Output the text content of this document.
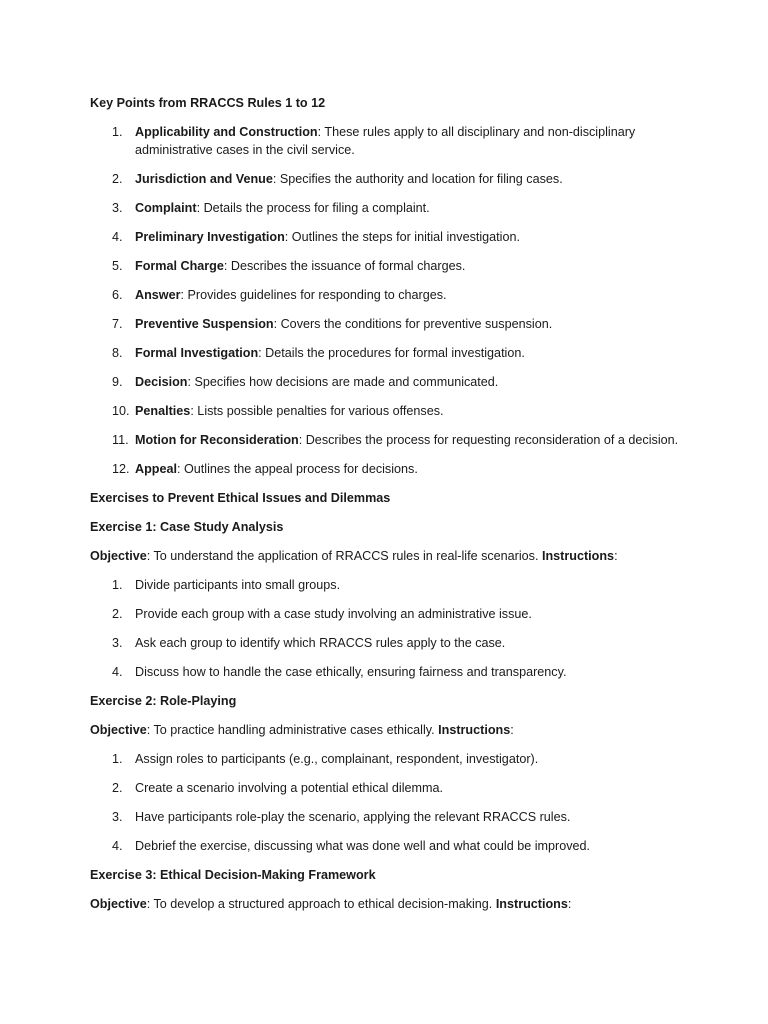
Key Points from RRACCS Rules 1 to 12

1. Applicability and Construction: These rules apply to all disciplinary and non-disciplinary administrative cases in the civil service.
2. Jurisdiction and Venue: Specifies the authority and location for filing cases.
3. Complaint: Details the process for filing a complaint.
4. Preliminary Investigation: Outlines the steps for initial investigation.
5. Formal Charge: Describes the issuance of formal charges.
6. Answer: Provides guidelines for responding to charges.
7. Preventive Suspension: Covers the conditions for preventive suspension.
8. Formal Investigation: Details the procedures for formal investigation.
9. Decision: Specifies how decisions are made and communicated.
10. Penalties: Lists possible penalties for various offenses.
11. Motion for Reconsideration: Describes the process for requesting reconsideration of a decision.
12. Appeal: Outlines the appeal process for decisions.

Exercises to Prevent Ethical Issues and Dilemmas

Exercise 1: Case Study Analysis

Objective: To understand the application of RRACCS rules in real-life scenarios. Instructions:

1. Divide participants into small groups.
2. Provide each group with a case study involving an administrative issue.
3. Ask each group to identify which RRACCS rules apply to the case.
4. Discuss how to handle the case ethically, ensuring fairness and transparency.

Exercise 2: Role-Playing

Objective: To practice handling administrative cases ethically. Instructions:

1. Assign roles to participants (e.g., complainant, respondent, investigator).
2. Create a scenario involving a potential ethical dilemma.
3. Have participants role-play the scenario, applying the relevant RRACCS rules.
4. Debrief the exercise, discussing what was done well and what could be improved.

Exercise 3: Ethical Decision-Making Framework

Objective: To develop a structured approach to ethical decision-making. Instructions:
